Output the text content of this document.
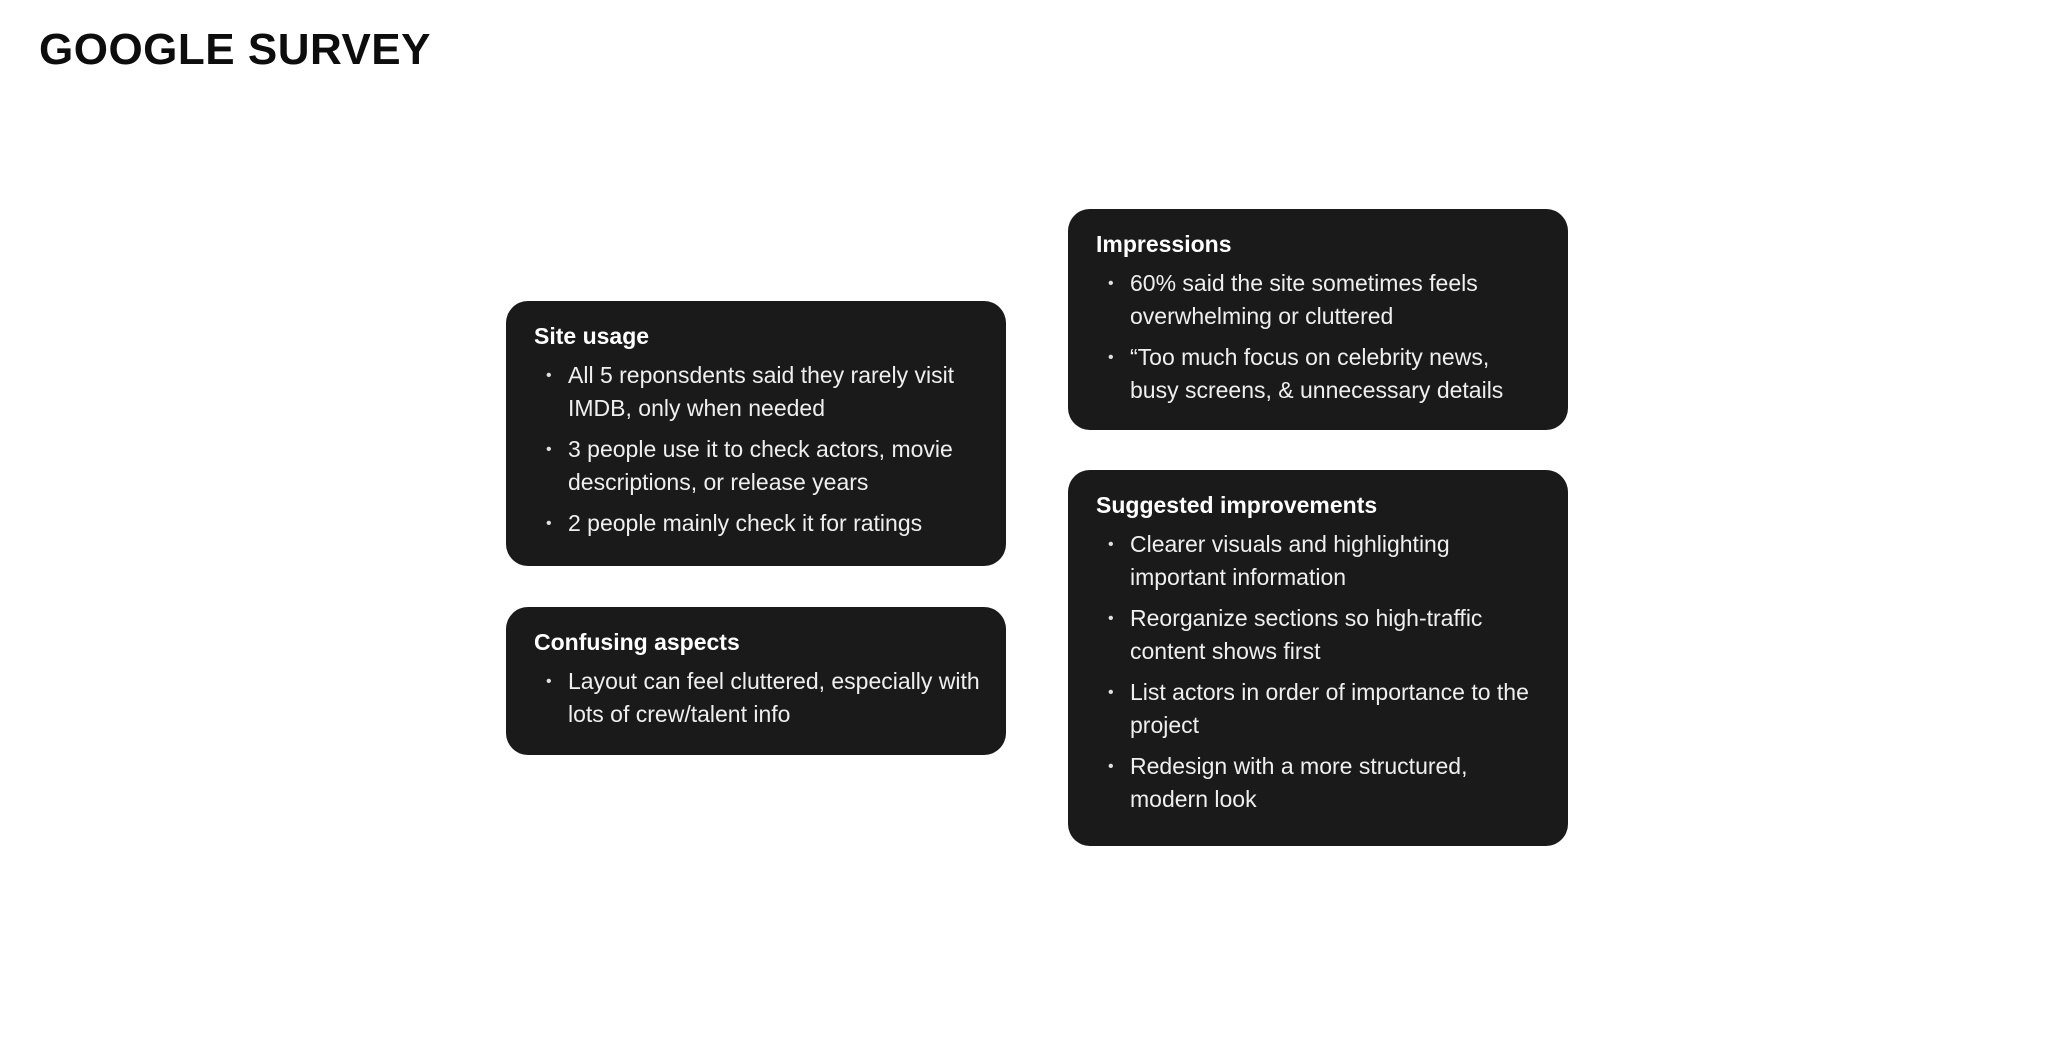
GOOGLE SURVEY
Site usage
• All 5 reponsdents said they rarely visit IMDB, only when needed
• 3 people use it to check actors, movie descriptions, or release years
• 2 people mainly check it for ratings
Confusing aspects
• Layout can feel cluttered, especially with lots of crew/talent info
Impressions
• 60% said the site sometimes feels overwhelming or cluttered
• “Too much focus on celebrity news, busy screens, & unnecessary details
Suggested improvements
• Clearer visuals and highlighting important information
• Reorganize sections so high-traffic content shows first
• List actors in order of importance to the project
• Redesign with a more structured, modern look
